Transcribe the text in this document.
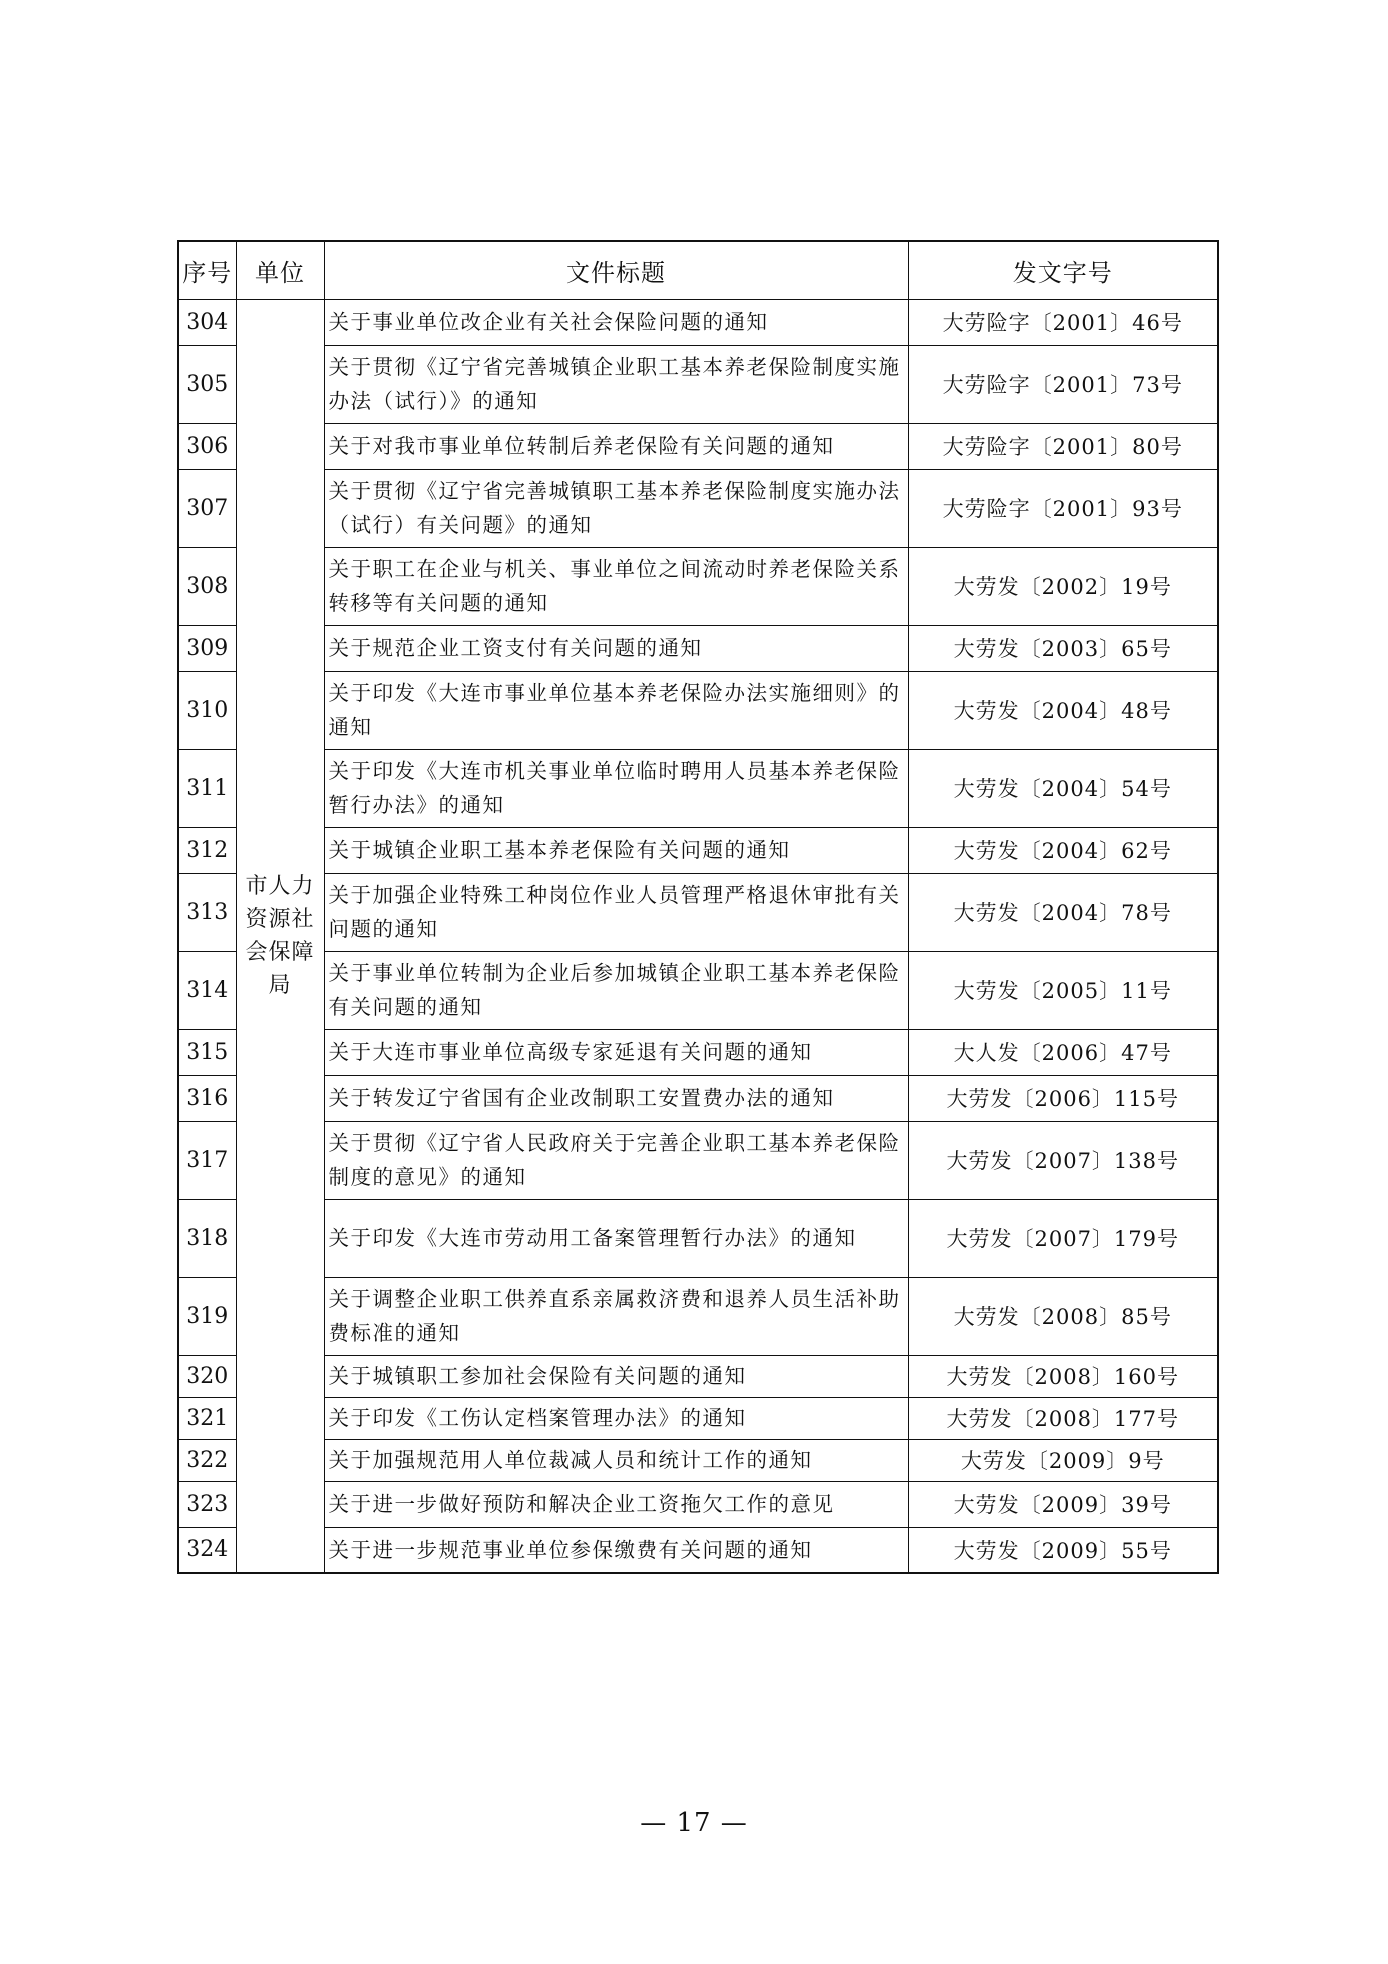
序号	单位	文件标题	发文字号
304	市人力资源社会保障局	关于事业单位改企业有关社会保险问题的通知	大劳险字〔2001〕46号
305		关于贯彻《辽宁省完善城镇企业职工基本养老保险制度实施办法（试行）》的通知	大劳险字〔2001〕73号
306		关于对我市事业单位转制后养老保险有关问题的通知	大劳险字〔2001〕80号
307		关于贯彻《辽宁省完善城镇职工基本养老保险制度实施办法（试行）有关问题》的通知	大劳险字〔2001〕93号
308		关于职工在企业与机关、事业单位之间流动时养老保险关系转移等有关问题的通知	大劳发〔2002〕19号
309		关于规范企业工资支付有关问题的通知	大劳发〔2003〕65号
310		关于印发《大连市事业单位基本养老保险办法实施细则》的通知	大劳发〔2004〕48号
311		关于印发《大连市机关事业单位临时聘用人员基本养老保险暂行办法》的通知	大劳发〔2004〕54号
312		关于城镇企业职工基本养老保险有关问题的通知	大劳发〔2004〕62号
313		关于加强企业特殊工种岗位作业人员管理严格退休审批有关问题的通知	大劳发〔2004〕78号
314		关于事业单位转制为企业后参加城镇企业职工基本养老保险有关问题的通知	大劳发〔2005〕11号
315		关于大连市事业单位高级专家延退有关问题的通知	大人发〔2006〕47号
316		关于转发辽宁省国有企业改制职工安置费办法的通知	大劳发〔2006〕115号
317		关于贯彻《辽宁省人民政府关于完善企业职工基本养老保险制度的意见》的通知	大劳发〔2007〕138号
318		关于印发《大连市劳动用工备案管理暂行办法》的通知	大劳发〔2007〕179号
319		关于调整企业职工供养直系亲属救济费和退养人员生活补助费标准的通知	大劳发〔2008〕85号
320		关于城镇职工参加社会保险有关问题的通知	大劳发〔2008〕160号
321		关于印发《工伤认定档案管理办法》的通知	大劳发〔2008〕177号
322		关于加强规范用人单位裁减人员和统计工作的通知	大劳发〔2009〕9号
323		关于进一步做好预防和解决企业工资拖欠工作的意见	大劳发〔2009〕39号
324		关于进一步规范事业单位参保缴费有关问题的通知	大劳发〔2009〕55号
— 17 —
